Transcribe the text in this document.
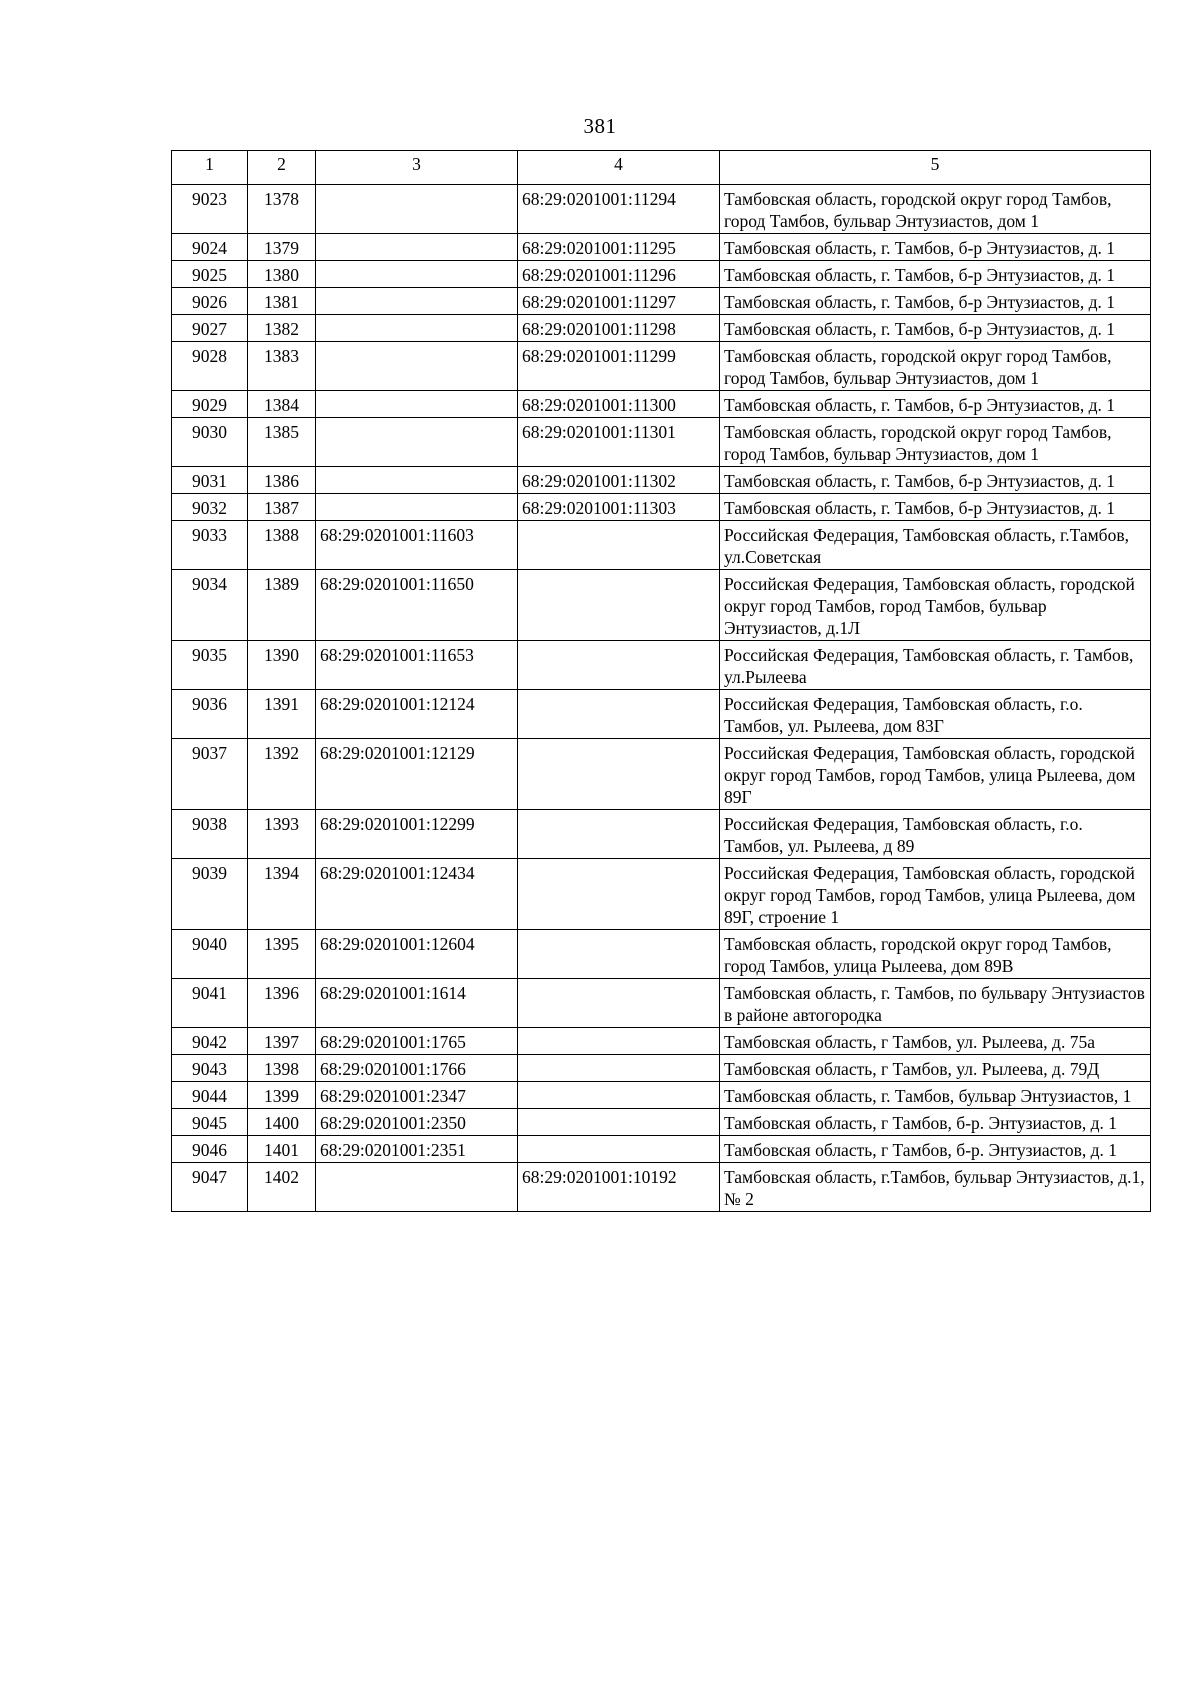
381
1	2	3	4	5
9023	1378		68:29:0201001:11294	Тамбовская область, городской округ город Тамбов, город Тамбов, бульвар Энтузиастов, дом 1
9024	1379		68:29:0201001:11295	Тамбовская область, г. Тамбов, б-р Энтузиастов, д. 1
9025	1380		68:29:0201001:11296	Тамбовская область, г. Тамбов, б-р Энтузиастов, д. 1
9026	1381		68:29:0201001:11297	Тамбовская область, г. Тамбов, б-р Энтузиастов, д. 1
9027	1382		68:29:0201001:11298	Тамбовская область, г. Тамбов, б-р Энтузиастов, д. 1
9028	1383		68:29:0201001:11299	Тамбовская область, городской округ город Тамбов, город Тамбов, бульвар Энтузиастов, дом 1
9029	1384		68:29:0201001:11300	Тамбовская область, г. Тамбов, б-р Энтузиастов, д. 1
9030	1385		68:29:0201001:11301	Тамбовская область, городской округ город Тамбов, город Тамбов, бульвар Энтузиастов, дом 1
9031	1386		68:29:0201001:11302	Тамбовская область, г. Тамбов, б-р Энтузиастов, д. 1
9032	1387		68:29:0201001:11303	Тамбовская область, г. Тамбов, б-р Энтузиастов, д. 1
9033	1388	68:29:0201001:11603		Российская Федерация, Тамбовская область, г.Тамбов, ул.Советская
9034	1389	68:29:0201001:11650		Российская Федерация, Тамбовская область, городской округ город Тамбов, город Тамбов, бульвар Энтузиастов, д.1Л
9035	1390	68:29:0201001:11653		Российская Федерация, Тамбовская область, г. Тамбов, ул.Рылеева
9036	1391	68:29:0201001:12124		Российская Федерация, Тамбовская область, г.о. Тамбов, ул. Рылеева, дом 83Г
9037	1392	68:29:0201001:12129		Российская Федерация, Тамбовская область, городской округ город Тамбов, город Тамбов, улица Рылеева, дом 89Г
9038	1393	68:29:0201001:12299		Российская Федерация, Тамбовская область, г.о. Тамбов, ул. Рылеева, д 89
9039	1394	68:29:0201001:12434		Российская Федерация, Тамбовская область, городской округ город Тамбов, город Тамбов, улица Рылеева, дом 89Г, строение 1
9040	1395	68:29:0201001:12604		Тамбовская область, городской округ город Тамбов, город Тамбов, улица Рылеева, дом 89В
9041	1396	68:29:0201001:1614		Тамбовская область, г. Тамбов, по бульвару Энтузиастов в районе автогородка
9042	1397	68:29:0201001:1765		Тамбовская область, г Тамбов, ул. Рылеева, д. 75а
9043	1398	68:29:0201001:1766		Тамбовская область, г Тамбов, ул. Рылеева, д. 79Д
9044	1399	68:29:0201001:2347		Тамбовская область, г. Тамбов, бульвар Энтузиастов, 1
9045	1400	68:29:0201001:2350		Тамбовская область, г Тамбов, б-р. Энтузиастов, д. 1
9046	1401	68:29:0201001:2351		Тамбовская область, г Тамбов, б-р. Энтузиастов, д. 1
9047	1402		68:29:0201001:10192	Тамбовская область, г.Тамбов, бульвар Энтузиастов, д.1, № 2
